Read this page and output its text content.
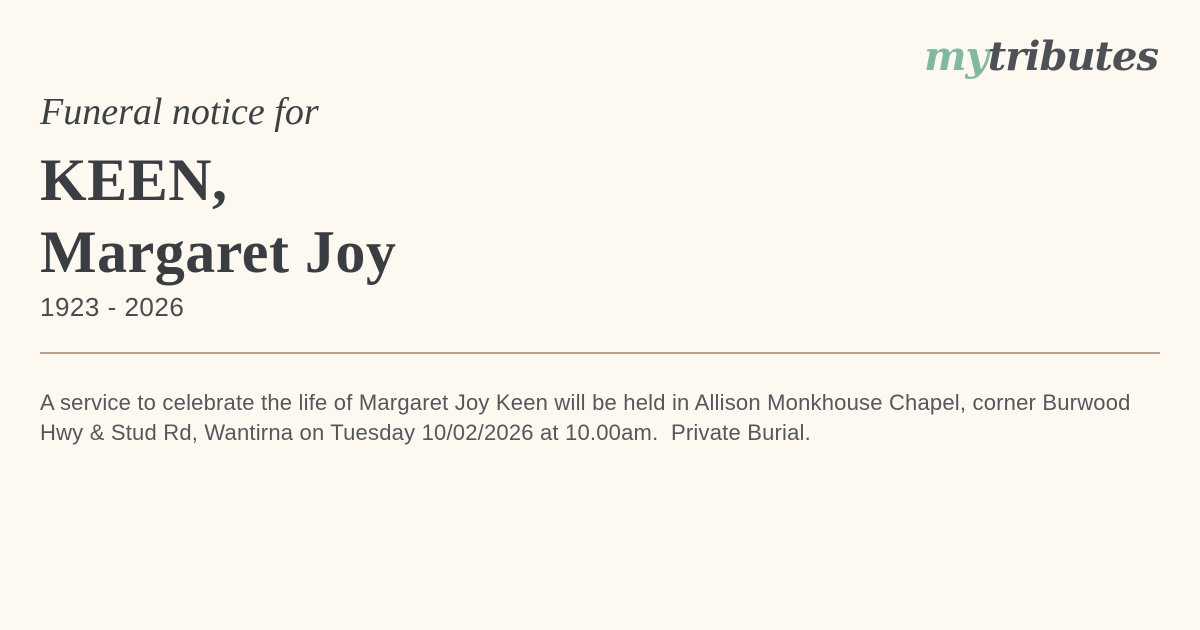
mytributes

Funeral notice for

KEEN,
Margaret Joy

1923 - 2026

A service to celebrate the life of Margaret Joy Keen will be held in Allison Monkhouse Chapel, corner Burwood Hwy & Stud Rd, Wantirna on Tuesday 10/02/2026 at 10.00am.  Private Burial.
